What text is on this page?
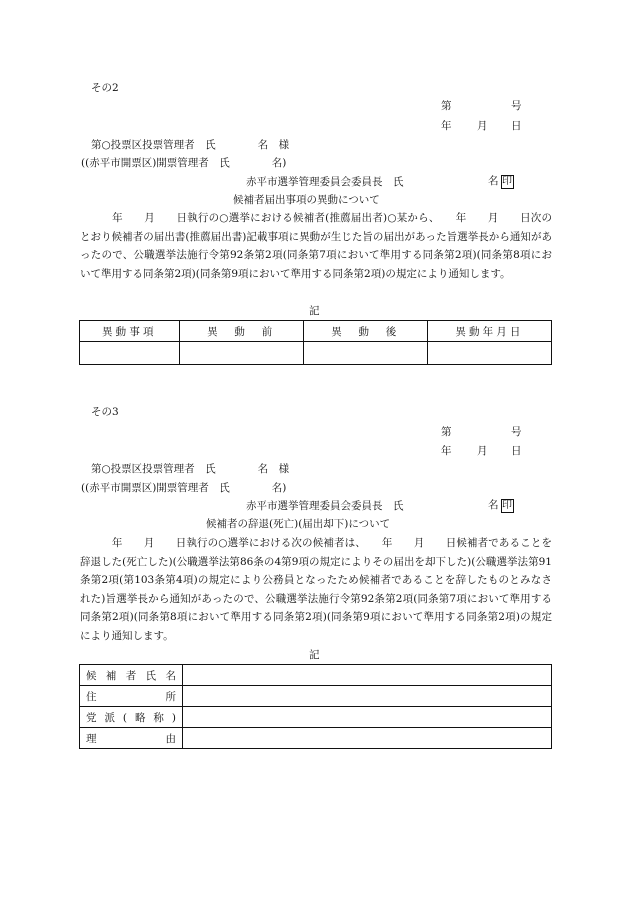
その2
第	号
年 月 日
第○投票区投票管理者　氏　　　　名　様
((赤平市開票区)開票管理者　氏　　　　名)
赤平市選挙管理委員会委員長　氏	名 印
候補者届出事項の異動について
　　　年　　月　　日執行の○選挙における候補者(推薦届出者)○某から、　　年　　月　　日次のとおり候補者の届出書(推薦届出書)記載事項に異動が生じた旨の届出があった旨選挙長から通知があったので、公職選挙法施行令第92条第2項(同条第7項において準用する同条第2項)(同条第8項において準用する同条第2項)(同条第9項において準用する同条第2項)の規定により通知します。
記
異動事項	異　動　前	異　動　後	異動年月日

その3
第	号
年 月 日
第○投票区投票管理者　氏　　　　名　様
((赤平市開票区)開票管理者　氏　　　　名)
赤平市選挙管理委員会委員長　氏	名 印
候補者の辞退(死亡)(届出却下)について
　　　年　　月　　日執行の○選挙における次の候補者は、　　年　　月　　日候補者であることを辞退した(死亡した)(公職選挙法第86条の4第9項の規定によりその届出を却下した)(公職選挙法第91条第2項(第103条第4項)の規定により公務員となったため候補者であることを辞したものとみなされた)旨選挙長から通知があったので、公職選挙法施行令第92条第2項(同条第7項において準用する同条第2項)(同条第8項において準用する同条第2項)(同条第9項において準用する同条第2項)の規定により通知します。
記
候補者氏名	
住所	
党派(略称)	
理由	
